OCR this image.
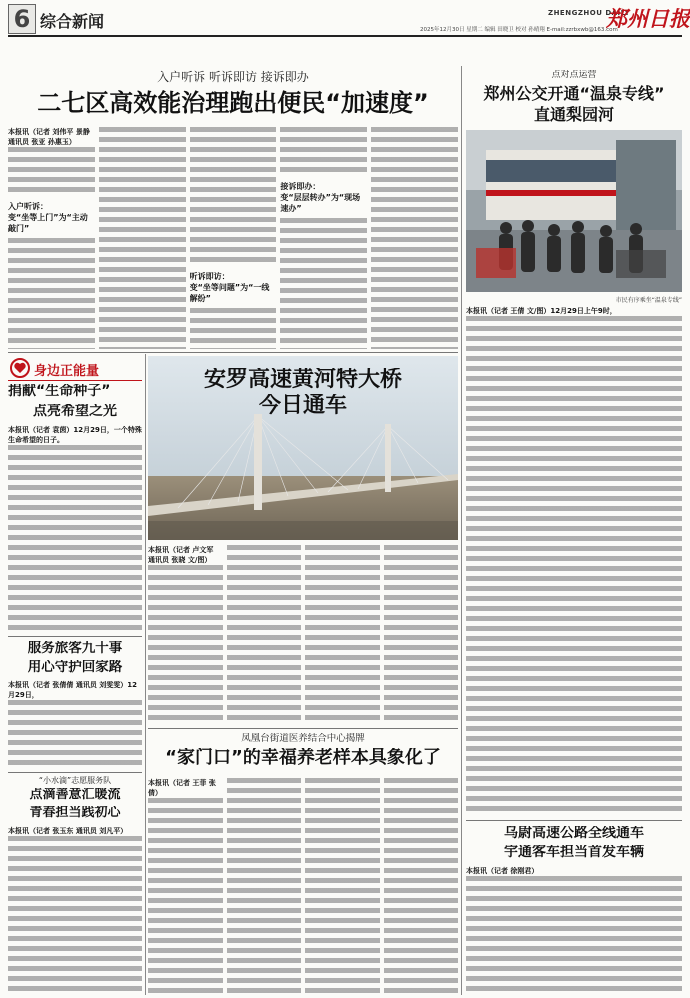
6 综合新闻	ZHENGZHOU DAILY
郑州日报
2025年12月30日 星期二 编辑 田晓卫 校对 孙晴翔 E-mail:zzrbxwb@163.com
入户听诉 听诉即访 接诉即办
二七区高效能治理跑出便民“加速度”

本报讯（记者 刘伟平 景静 通讯员 张亚 孙惠玉）

入户听诉：
变“坐等上门”为“主动敲门”
听诉即访：
变“坐等问题”为“一线解纷”
接诉即办：
变“层层转办”为“现场速办”
点对点运营
郑州公交开通“温泉专线”
直通梨园河
市民有序乘坐“温泉专线”

本报讯（记者 王倩 文/图）12月29日上午9时，

身边正能量
捐献“生命种子”
点亮希望之光

本报讯（记者 袁茵）12月29日，一个特殊生命希望的日子。

服务旅客九十事
用心守护回家路

本报讯（记者 张倩倩 通讯员 刘雯雯）12月29日，

“小水滴”志愿服务队
点滴善意汇暖流
青春担当践初心

本报讯（记者 张玉东 通讯员 刘凡平）

安罗高速黄河特大桥
今日通车

本报讯（记者 卢文军 通讯员 张晓 文/图）

凤凰台街道医养结合中心揭牌
“家门口”的幸福养老样本具象化了

本报讯（记者 王菲 张倩）

乌尉高速公路全线通车
宇通客车担当首发车辆

本报讯（记者 徐刚君）
